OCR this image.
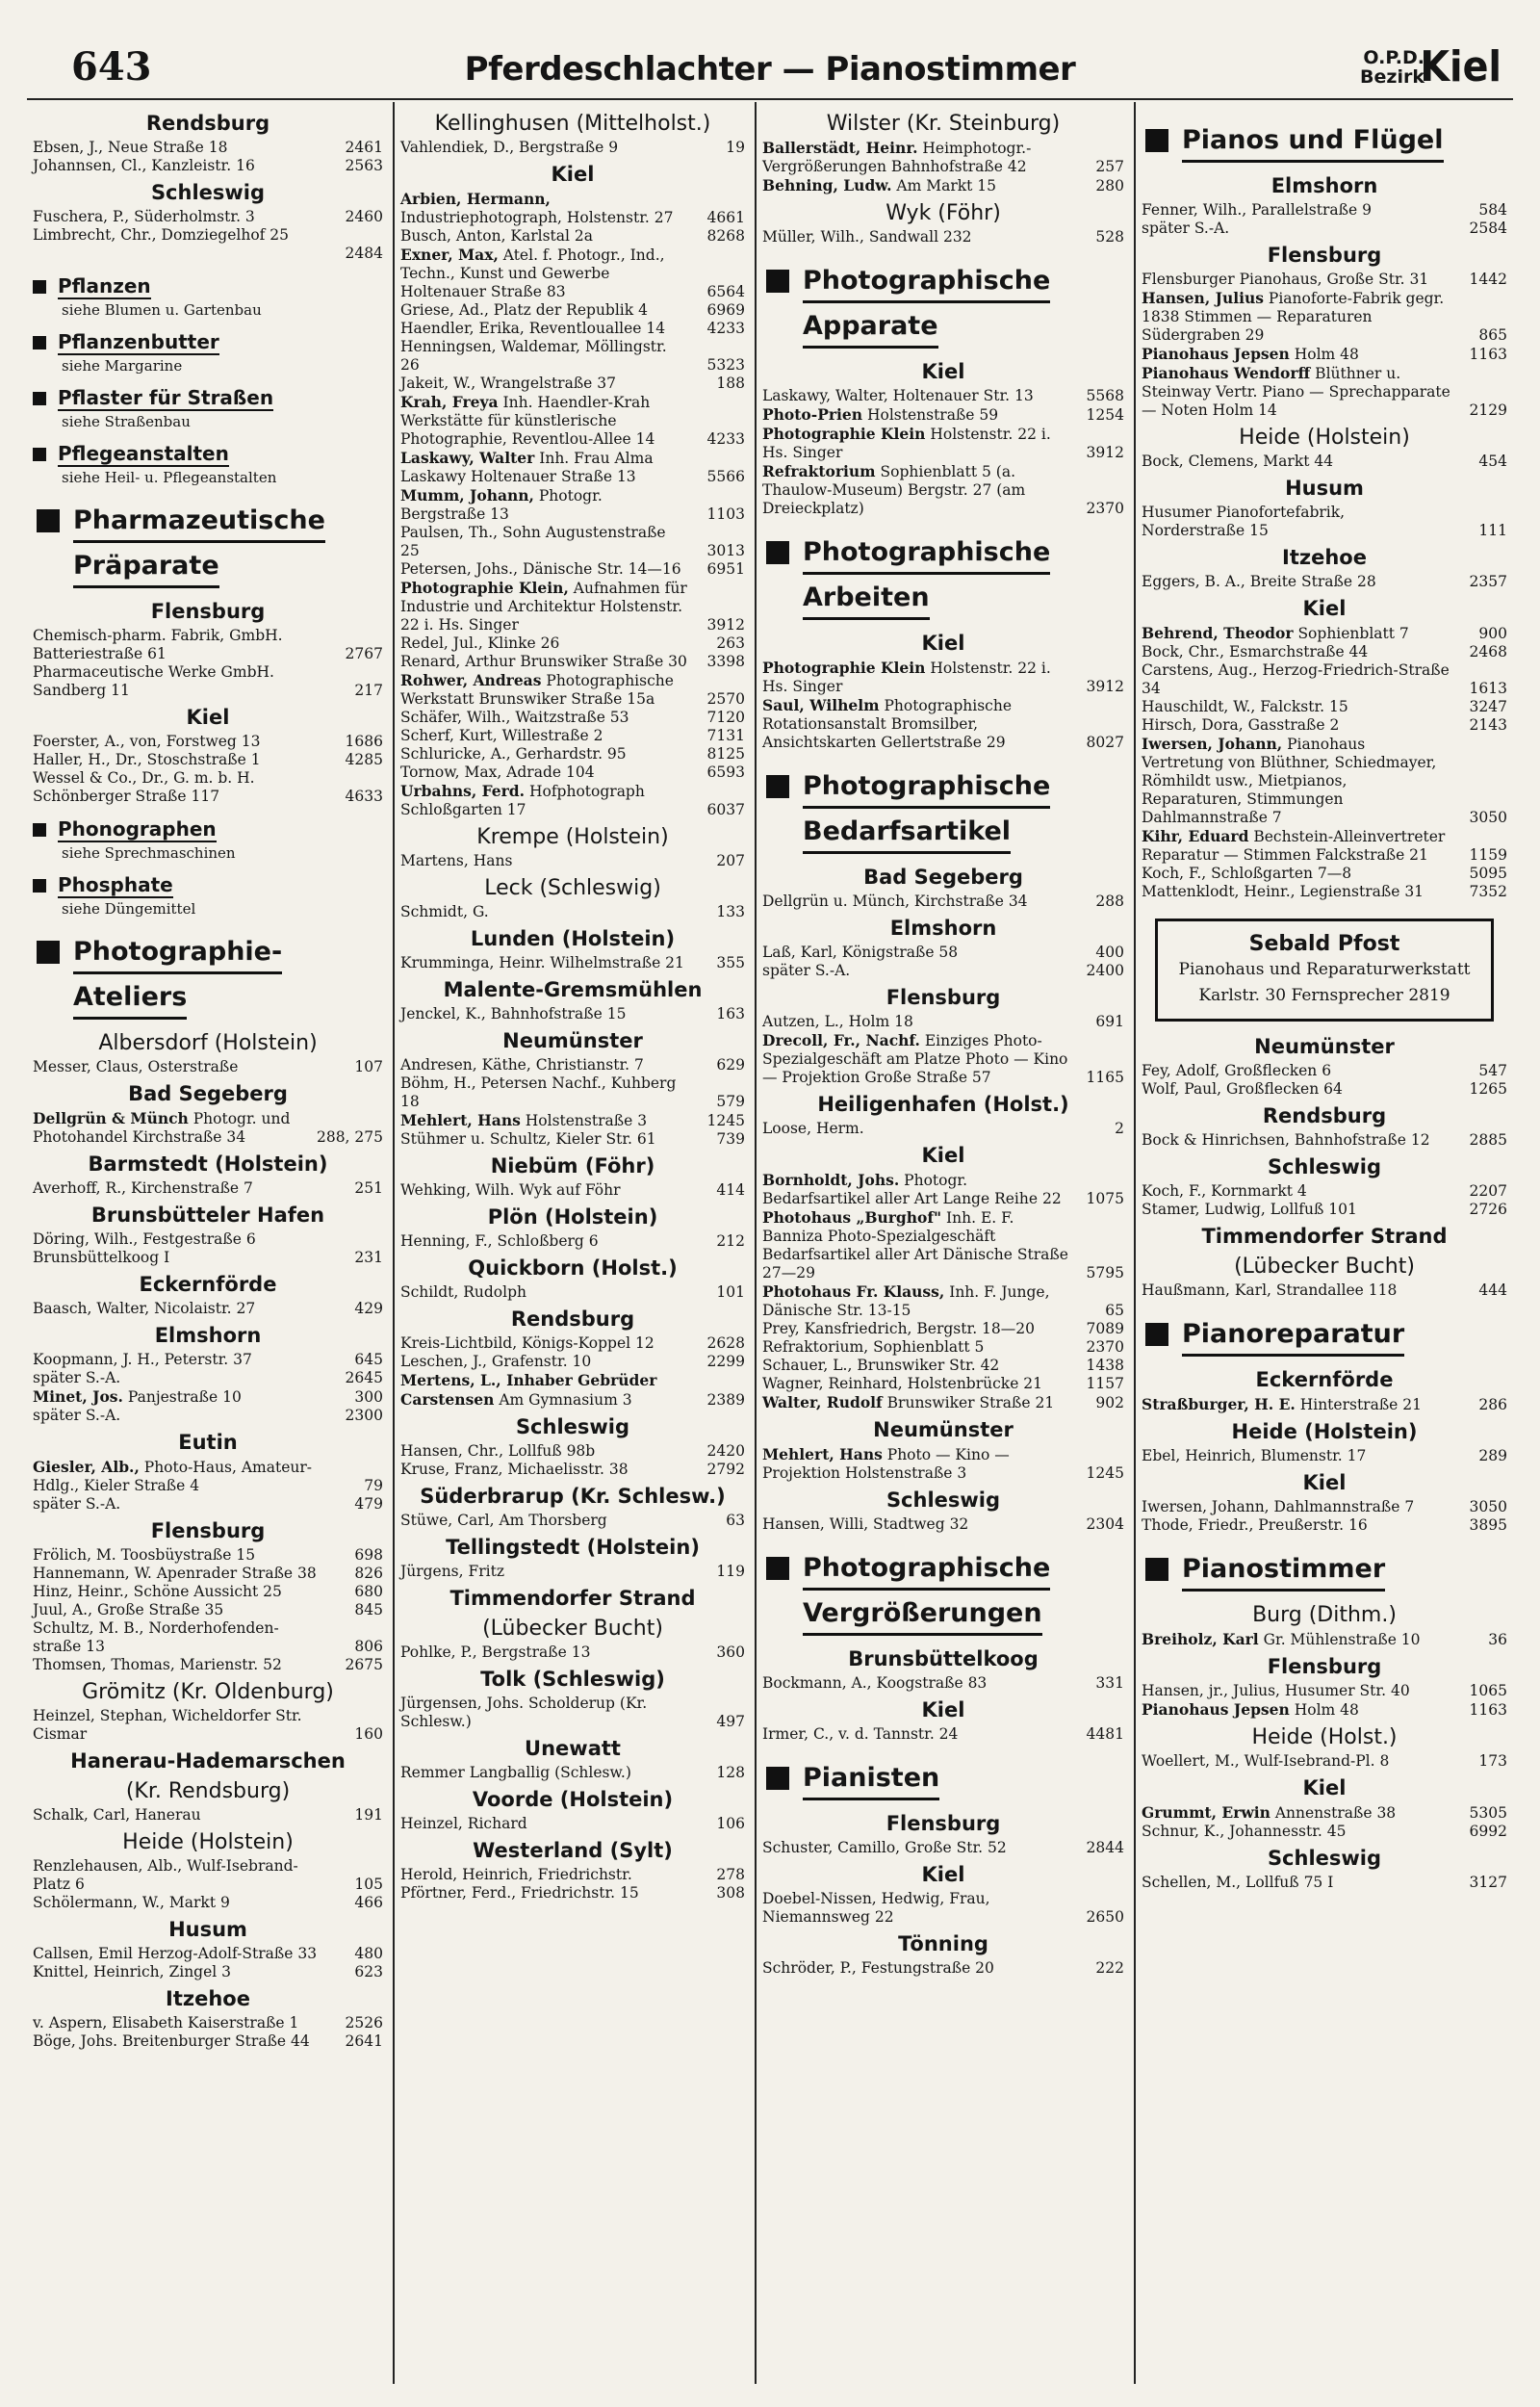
643	Pferdeschlachter — Pianostimmer	O.P.D.
Bezirk
Kiel
Rendsburg
Ebsen, J., Neue Straße 18	2461
Johannsen, Cl., Kanzleistr. 16	2563
Schleswig
Fuschera, P., Süderholmstr. 3	2460
Limbrecht, Chr., Domziegelhof 25

2484
Pflanzen
siehe Blumen u. Gartenbau
Pflanzenbutter
siehe Margarine
Pflaster für Straßen
siehe Straßenbau
Pflegeanstalten
siehe Heil- u. Pflegeanstalten
Pharmazeutische
Präparate
Flensburg
Chemisch-pharm. Fabrik, GmbH. Batteriestraße 61	2767
Pharmaceutische Werke GmbH. Sandberg 11	217
Kiel
Foerster, A., von, Forstweg 13	1686
Haller, H., Dr., Stoschstraße 1	4285
Wessel & Co., Dr., G. m. b. H. Schönberger Straße 117	4633
Phonographen
siehe Sprechmaschinen
Phosphate
siehe Düngemittel
Photographie-
Ateliers
Albersdorf (Holstein)
Messer, Claus, Osterstraße	107
Bad Segeberg
Dellgrün & Münch Photogr. und Photohandel Kirchstraße 34	288, 275
Barmstedt (Holstein)
Averhoff, R., Kirchenstraße 7	251
Brunsbütteler Hafen
Döring, Wilh., Festgestraße 6 Brunsbüttelkoog I	231
Eckernförde
Baasch, Walter, Nicolaistr. 27	429
Elmshorn
Koopmann, J. H., Peterstr. 37	645
später S.-A.	2645
Minet, Jos. Panjestraße 10	300
später S.-A.	2300
Eutin
Giesler, Alb., Photo-Haus, Amateur-Hdlg., Kieler Straße 4	79
später S.-A.	479
Flensburg
Frölich, M. Toosbüystraße 15	698
Hannemann, W. Apenrader Straße 38	826
Hinz, Heinr., Schöne Aussicht 25	680
Juul, A., Große Straße 35	845
Schultz, M. B., Norderhofenden-straße 13	806
Thomsen, Thomas, Marienstr. 52	2675
Grömitz (Kr. Oldenburg)
Heinzel, Stephan, Wicheldorfer Str. Cismar	160
Hanerau-Hademarschen
(Kr. Rendsburg)
Schalk, Carl, Hanerau	191
Heide (Holstein)
Renzlehausen, Alb., Wulf-Isebrand-Platz 6	105
Schölermann, W., Markt 9	466
Husum
Callsen, Emil Herzog-Adolf-Straße 33	480
Knittel, Heinrich, Zingel 3	623
Itzehoe
v. Aspern, Elisabeth Kaiserstraße 1	2526
Böge, Johs. Breitenburger Straße 44	2641
Kellinghusen (Mittelholst.)
Vahlendiek, D., Bergstraße 9	19
Kiel
Arbien, Hermann, Industriephotograph, Holstenstr. 27	4661
Busch, Anton, Karlstal 2a	8268
Exner, Max, Atel. f. Photogr., Ind., Techn., Kunst und Gewerbe Holtenauer Straße 83	6564
Griese, Ad., Platz der Republik 4	6969
Haendler, Erika, Reventlouallee 14	4233
Henningsen, Waldemar, Möllingstr. 26	5323
Jakeit, W., Wrangelstraße 37	188
Krah, Freya Inh. Haendler-Krah Werkstätte für künstlerische Photographie, Reventlou-Allee 14	4233
Laskawy, Walter Inh. Frau Alma Laskawy Holtenauer Straße 13	5566
Mumm, Johann, Photogr. Bergstraße 13	1103
Paulsen, Th., Sohn Augustenstraße 25	3013
Petersen, Johs., Dänische Str. 14—16	6951
Photographie Klein, Aufnahmen für Industrie und Architektur Holstenstr. 22 i. Hs. Singer	3912
Redel, Jul., Klinke 26	263
Renard, Arthur Brunswiker Straße 30	3398
Rohwer, Andreas Photographische Werkstatt Brunswiker Straße 15a	2570
Schäfer, Wilh., Waitzstraße 53	7120
Scherf, Kurt, Willestraße 2	7131
Schluricke, A., Gerhardstr. 95	8125
Tornow, Max, Adrade 104	6593
Urbahns, Ferd. Hofphotograph Schloßgarten 17	6037
Krempe (Holstein)
Martens, Hans	207
Leck (Schleswig)
Schmidt, G.	133
Lunden (Holstein)
Krumminga, Heinr. Wilhelmstraße 21	355
Malente-Gremsmühlen
Jenckel, K., Bahnhofstraße 15	163
Neumünster
Andresen, Käthe, Christianstr. 7	629
Böhm, H., Petersen Nachf., Kuhberg 18	579
Mehlert, Hans Holstenstraße 3	1245
Stühmer u. Schultz, Kieler Str. 61	739
Niebüm (Föhr)
Wehking, Wilh. Wyk auf Föhr	414
Plön (Holstein)
Henning, F., Schloßberg 6	212
Quickborn (Holst.)
Schildt, Rudolph	101
Rendsburg
Kreis-Lichtbild, Königs-Koppel 12	2628
Leschen, J., Grafenstr. 10	2299
Mertens, L., Inhaber Gebrüder Carstensen Am Gymnasium 3	2389
Schleswig
Hansen, Chr., Lollfuß 98b	2420
Kruse, Franz, Michaelisstr. 38	2792
Süderbrarup (Kr. Schlesw.)
Stüwe, Carl, Am Thorsberg	63
Tellingstedt (Holstein)
Jürgens, Fritz	119
Timmendorfer Strand
(Lübecker Bucht)
Pohlke, P., Bergstraße 13	360
Tolk (Schleswig)
Jürgensen, Johs. Scholderup (Kr. Schlesw.)	497
Unewatt
Remmer Langballig (Schlesw.)	128
Voorde (Holstein)
Heinzel, Richard	106
Westerland (Sylt)
Herold, Heinrich, Friedrichstr.	278
Pförtner, Ferd., Friedrichstr. 15	308
Wilster (Kr. Steinburg)
Ballerstädt, Heinr. Heimphotogr.-Vergrößerungen Bahnhofstraße 42	257
Behning, Ludw. Am Markt 15	280
Wyk (Föhr)
Müller, Wilh., Sandwall 232	528
Photographische
Apparate
Kiel
Laskawy, Walter, Holtenauer Str. 13	5568
Photo-Prien Holstenstraße 59	1254
Photographie Klein Holstenstr. 22 i. Hs. Singer	3912
Refraktorium Sophienblatt 5 (a. Thaulow-Museum) Bergstr. 27 (am Dreieckplatz)	2370
Photographische
Arbeiten
Kiel
Photographie Klein Holstenstr. 22 i. Hs. Singer	3912
Saul, Wilhelm Photographische Rotationsanstalt Bromsilber, Ansichtskarten Gellertstraße 29	8027
Photographische
Bedarfsartikel
Bad Segeberg
Dellgrün u. Münch, Kirchstraße 34	288
Elmshorn
Laß, Karl, Königstraße 58	400
später S.-A.	2400
Flensburg
Autzen, L., Holm 18	691
Drecoll, Fr., Nachf. Einziges Photo-Spezialgeschäft am Platze Photo — Kino — Projektion Große Straße 57	1165
Heiligenhafen (Holst.)
Loose, Herm.	2
Kiel
Bornholdt, Johs. Photogr. Bedarfsartikel aller Art Lange Reihe 22	1075
Photohaus „Burghof" Inh. E. F. Banniza Photo-Spezialgeschäft Bedarfsartikel aller Art Dänische Straße 27—29	5795
Photohaus Fr. Klauss, Inh. F. Junge, Dänische Str. 13-15	65
Prey, Kansfriedrich, Bergstr. 18—20	7089
Refraktorium, Sophienblatt 5	2370
Schauer, L., Brunswiker Str. 42	1438
Wagner, Reinhard, Holstenbrücke 21	1157
Walter, Rudolf Brunswiker Straße 21	902
Neumünster
Mehlert, Hans Photo — Kino — Projektion Holstenstraße 3	1245
Schleswig
Hansen, Willi, Stadtweg 32	2304
Photographische
Vergrößerungen
Brunsbüttelkoog
Bockmann, A., Koogstraße 83	331
Kiel
Irmer, C., v. d. Tannstr. 24	4481
Pianisten
Flensburg
Schuster, Camillo, Große Str. 52	2844
Kiel
Doebel-Nissen, Hedwig, Frau, Niemannsweg 22	2650
Tönning
Schröder, P., Festungstraße 20	222
Pianos und Flügel
Elmshorn
Fenner, Wilh., Parallelstraße 9	584
später S.-A.	2584
Flensburg
Flensburger Pianohaus, Große Str. 31	1442
Hansen, Julius Pianoforte-Fabrik gegr. 1838 Stimmen — Reparaturen Südergraben 29	865
Pianohaus Jepsen Holm 48	1163
Pianohaus Wendorff Blüthner u. Steinway Vertr. Piano — Sprechapparate — Noten Holm 14	2129
Heide (Holstein)
Bock, Clemens, Markt 44	454
Husum
Husumer Pianofortefabrik, Norderstraße 15	111
Itzehoe
Eggers, B. A., Breite Straße 28	2357
Kiel
Behrend, Theodor Sophienblatt 7	900
Bock, Chr., Esmarchstraße 44	2468
Carstens, Aug., Herzog-Friedrich-Straße 34	1613
Hauschildt, W., Falckstr. 15	3247
Hirsch, Dora, Gasstraße 2	2143
Iwersen, Johann, Pianohaus Vertretung von Blüthner, Schiedmayer, Römhildt usw., Mietpianos, Reparaturen, Stimmungen Dahlmannstraße 7	3050
Kihr, Eduard Bechstein-Alleinvertreter Reparatur — Stimmen Falckstraße 21	1159
Koch, F., Schloßgarten 7—8	5095
Mattenklodt, Heinr., Legienstraße 31	7352
Sebald Pfost
Pianohaus und Reparaturwerkstatt
Karlstr. 30 Fernsprecher 2819
Neumünster
Fey, Adolf, Großflecken 6	547
Wolf, Paul, Großflecken 64	1265
Rendsburg
Bock & Hinrichsen, Bahnhofstraße 12	2885
Schleswig
Koch, F., Kornmarkt 4	2207
Stamer, Ludwig, Lollfuß 101	2726
Timmendorfer Strand
(Lübecker Bucht)
Haußmann, Karl, Strandallee 118	444
Pianoreparatur
Eckernförde
Straßburger, H. E. Hinterstraße 21	286
Heide (Holstein)
Ebel, Heinrich, Blumenstr. 17	289
Kiel
Iwersen, Johann, Dahlmannstraße 7	3050
Thode, Friedr., Preußerstr. 16	3895
Pianostimmer
Burg (Dithm.)
Breiholz, Karl Gr. Mühlenstraße 10	36
Flensburg
Hansen, jr., Julius, Husumer Str. 40	1065
Pianohaus Jepsen Holm 48	1163
Heide (Holst.)
Woellert, M., Wulf-Isebrand-Pl. 8	173
Kiel
Grummt, Erwin Annenstraße 38	5305
Schnur, K., Johannesstr. 45	6992
Schleswig
Schellen, M., Lollfuß 75 I	3127
